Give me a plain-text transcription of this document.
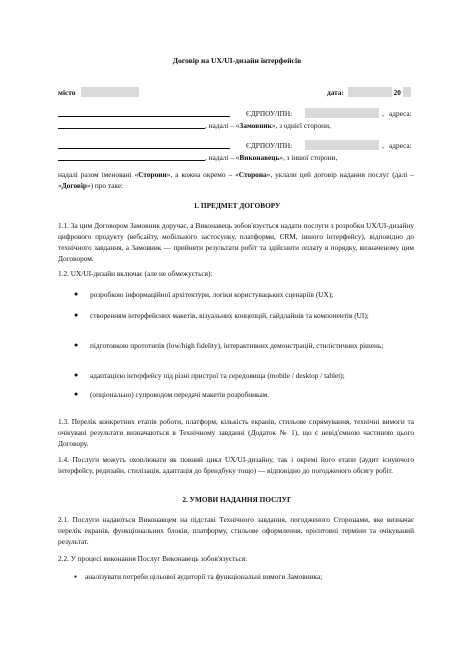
Договір на UX/UI-дизайн інтерфейсів
місто	дата:	20
ЄДРПОУ/ІПН:	, адреса:
, надалі – «Замовник», з однієї сторони,
ЄДРПОУ/ІПН:	, адреса:
, надалі – «Виконавець», з іншої сторони,
надалі разом іменовані «Сторони», а кожна окремо – «Сторона», уклали цей договір надання послуг (далі – «Договір») про таке:
1. ПРЕДМЕТ ДОГОВОРУ
1.1. За цим Договором Замовник доручає, а Виконавець зобов'язується надати послуги з розробки UX/UI-дизайну цифрового продукту (вебсайту, мобільного застосунку, платформи, CRM, іншого інтерфейсу), відповідно до технічного завдання, а Замовник — прийняти результати робіт та здійснити оплату в порядку, визначеному цим Договором.
1.2. UX/UI-дизайн включає (але не обмежується):
● розробкою інформаційної архітектури, логіки користувацьких сценаріїв (UX);
● створенням інтерфейсних макетів, візуальних концепцій, гайдлайнів та компонентів (UI);
● підготовкою прототипів (low/high fidelity), інтерактивних демонстрацій, стилістичних рішень;
● адаптацією інтерфейсу під різні пристрої та середовища (mobile / desktop / tablet);
● (опціонально) супроводом передачі макетів розробникам.
1.3. Перелік конкретних етапів роботи, платформ, кількість екранів, стильове спрямування, технічні вимоги та очікувані результати визначаються в Технічному завданні (Додаток № 1), що є невід'ємною частиною цього Договору.
1.4. Послуги можуть охоплювати як повний цикл UX/UI-дизайну, так і окремі його етапи (аудит існуючого інтерфейсу, редизайн, стилізація, адаптація до брендбуку тощо) — відповідно до погодженого обсягу робіт.
2. УМОВИ НАДАННЯ ПОСЛУГ
2.1. Послуги надаються Виконавцем на підставі Технічного завдання, погодженого Сторонами, яке визначає перелік екранів, функціональних блоків, платформу, стильове оформлення, орієнтовні терміни та очікуваний результат.
2.2. У процесі виконання Послуг Виконавець зобов'язується:
● аналізувати потреби цільової аудиторії та функціональні вимоги Замовника;
